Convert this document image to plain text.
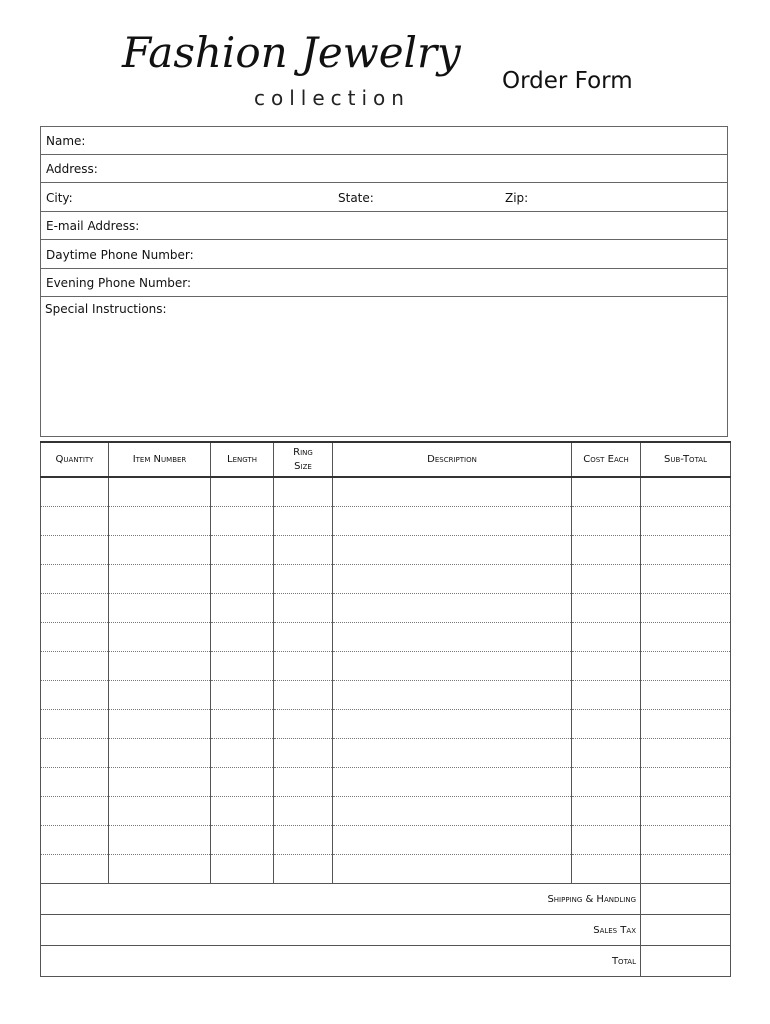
Fashion Jewelry
collection
Order Form
Name:
Address:
City:	State:	Zip:
E-mail Address:
Daytime Phone Number:
Evening Phone Number:
Special Instructions:
Quantity	Item Number	Length	Ring Size	Description	Cost Each	Sub-Total

Shipping & Handling						
Sales Tax						
Total						
